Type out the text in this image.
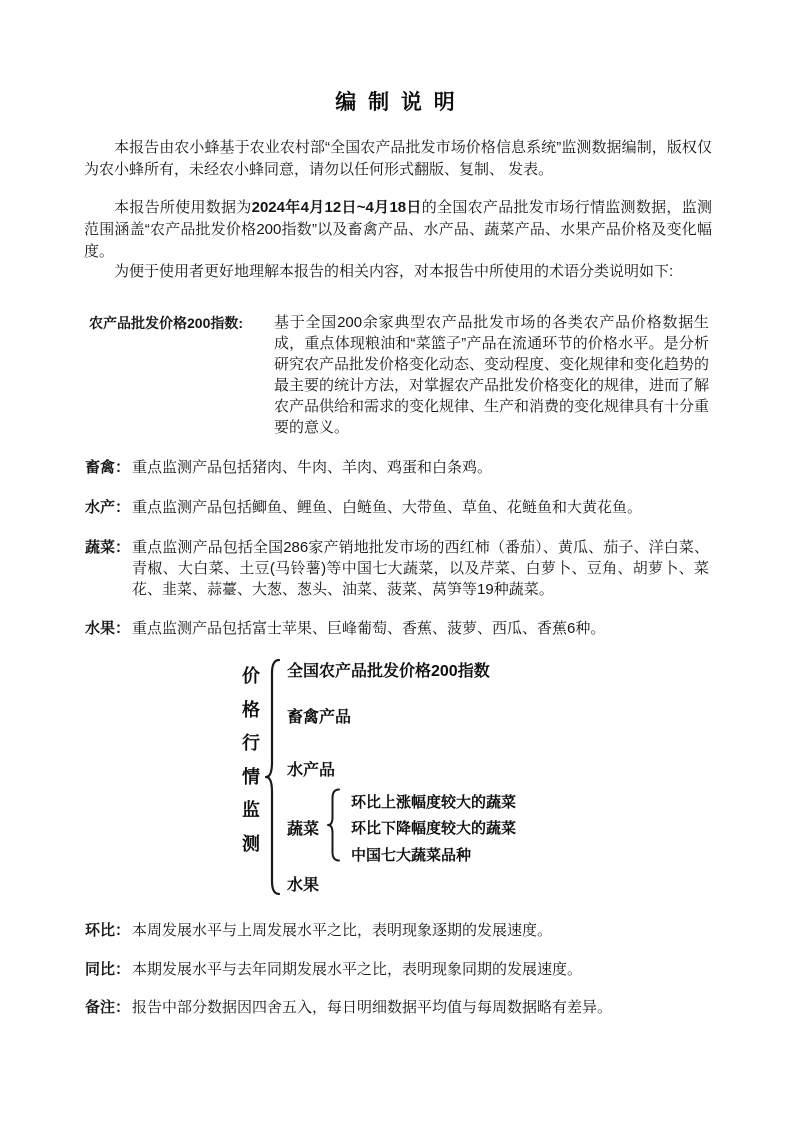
编 制 说 明

本报告由农小蜂基于农业农村部“全国农产品批发市场价格信息系统”监测数据编制，版权仅为农小蜂所有，未经农小蜂同意，请勿以任何形式翻版、复制、 发表。

本报告所使用数据为2024年4月12日~4月18日的全国农产品批发市场行情监测数据，监测范围涵盖“农产品批发价格200指数”以及畜禽产品、水产品、蔬菜产品、水果产品价格及变化幅度。

为便于使用者更好地理解本报告的相关内容，对本报告中所使用的术语分类说明如下:

农产品批发价格200指数:	基于全国200余家典型农产品批发市场的各类农产品价格数据生成，重点体现粮油和“菜篮子”产品在流通环节的价格水平。是分析研究农产品批发价格变化动态、变动程度、变化规律和变化趋势的最主要的统计方法，对掌握农产品批发价格变化的规律，进而了解农产品供给和需求的变化规律、生产和消费的变化规律具有十分重要的意义。
畜禽： 重点监测产品包括猪肉、牛肉、羊肉、鸡蛋和白条鸡。
水产： 重点监测产品包括鲫鱼、鲤鱼、白鲢鱼、大带鱼、草鱼、花鲢鱼和大黄花鱼。
蔬菜： 重点监测产品包括全国286家产销地批发市场的西红柿（番茄）、黄瓜、茄子、洋白菜、青椒、大白菜、土豆(马铃薯)等中国七大蔬菜，以及芹菜、白萝卜、豆角、胡萝卜、菜花、韭菜、蒜薹、大葱、葱头、油菜、菠菜、莴笋等19种蔬菜。
水果： 重点监测产品包括富士苹果、巨峰葡萄、香蕉、菠萝、西瓜、香蕉6种。
价
格
行
情
监
测
全国农产品批发价格200指数
畜禽产品
水产品
蔬菜
水果
环比上涨幅度较大的蔬菜
环比下降幅度较大的蔬菜
中国七大蔬菜品种
环比： 本周发展水平与上周发展水平之比，表明现象逐期的发展速度。
同比： 本期发展水平与去年同期发展水平之比，表明现象同期的发展速度。
备注： 报告中部分数据因四舍五入，每日明细数据平均值与每周数据略有差异。
